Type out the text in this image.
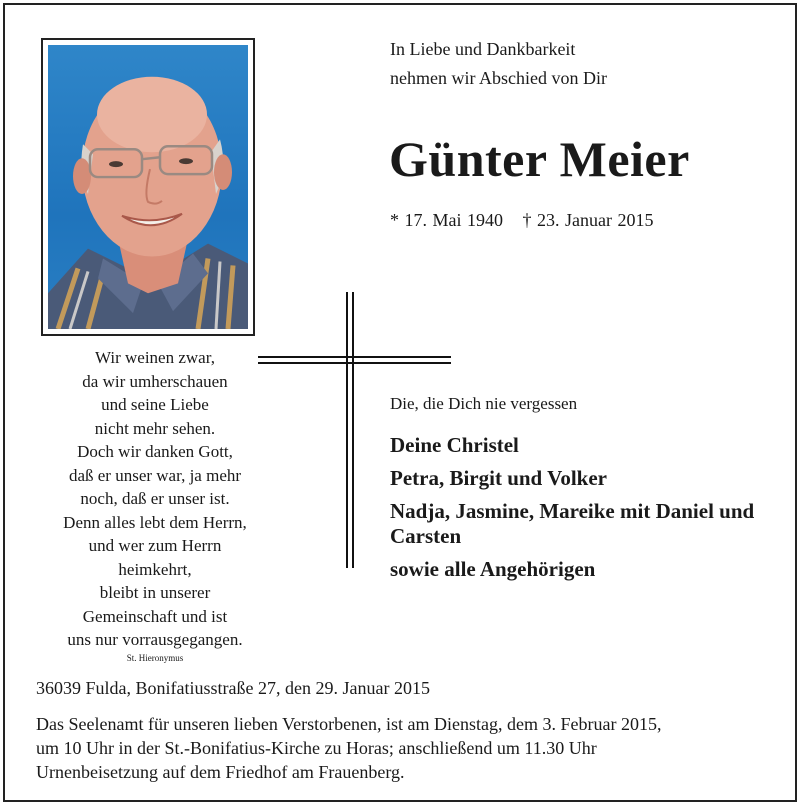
In Liebe und Dankbarkeit
nehmen wir Abschied von Dir
Günter Meier
* 17. Mai 1940 † 23. Januar 2015
Wir weinen zwar,
da wir umherschauen
und seine Liebe
nicht mehr sehen.
Doch wir danken Gott,
daß er unser war, ja mehr
noch, daß er unser ist.
Denn alles lebt dem Herrn,
und wer zum Herrn
heimkehrt,
bleibt in unserer
Gemeinschaft und ist
uns nur vorrausgegangen.
St. Hieronymus
Die, die Dich nie vergessen
Deine Christel
Petra, Birgit und Volker
Nadja, Jasmine, Mareike mit Daniel und Carsten
sowie alle Angehörigen
36039 Fulda, Bonifatiusstraße 27, den 29. Januar 2015
Das Seelenamt für unseren lieben Verstorbenen, ist am Dienstag, dem 3. Februar 2015,
um 10 Uhr in der St.-Bonifatius-Kirche zu Horas; anschließend um 11.30 Uhr
Urnenbeisetzung auf dem Friedhof am Frauenberg.
